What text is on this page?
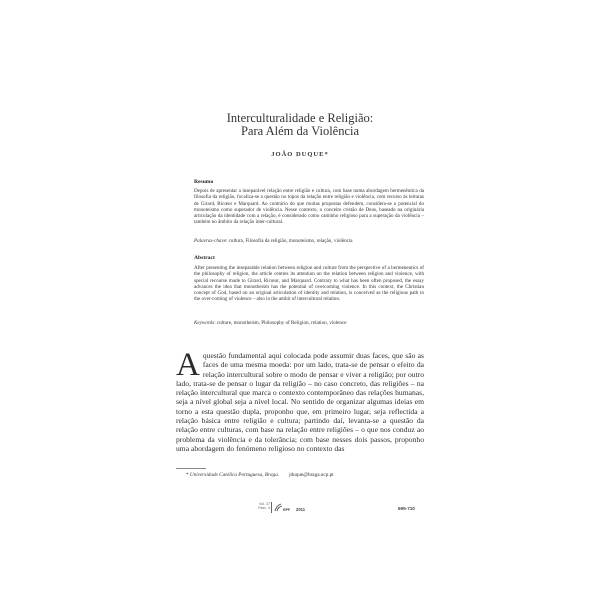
Interculturalidade e Religião:
Para Além da Violência
JOÃO DUQUE*
Resumo
Depois de apresentar a inseparável relação entre religião e cultura, com base numa abordagem hermenêutica da filosofia da religião, focaliza-se a questão no topos da relação entre religião e violência, com recurso às leituras de Girard, Ricœur e Marquard. Ao contrário do que muitas propostas defendem, considera-se o potencial do monoteísmo como superador de violência. Nesse contexto, o conceito cristão de Deus, baseado na originária articulação da identidade com a relação, é considerado como caminho religioso para a superação da violência – também no âmbito da relação inter-cultural.
Palavras-chave: cultura, Filosofia da religião, monoteísmo, relação, violência
Abstract
After presenting the inseparable relation between religion and culture from the perspective of a hermeneutics of the philosophy of religion, the article centres its attention on the relation between religion and violence, with special recourse made to Girard, Ricœur, and Marquard. Contrary to what has been often proposed, the essay advances the idea that monotheism has the potential of overcoming violence. In this context, the Christian concept of God, based on an original articulation of identity and relation, is conceived as the religious path to the over-coming of violence – also in the ambit of intercultural relation.
Keywords: culture, monotheism, Philosophy of Religion, relation, violence

Aquestão fundamental aqui colocada pode assumir duas faces, que são as faces de uma mesma moeda: por um lado, trata-se de pensar o efeito da relação intercultural sobre o modo de pensar e viver a religião; por outro lado, trata-se de pensar o lugar da religião – no caso concreto, das religiões – na relação intercultural que marca o contexto contemporâneo das relações humanas, seja a nível global seja a nível local. No sentido de organizar algumas ideias em torno a esta questão dupla, proponho que, em primeiro lugar, seja reflectida a relação básica entre religião e cultura; partindo daí, levanta-se a questão da relação entre culturas, com base na relação entre religiões – o que nos conduz ao problema da violência e da tolerância; com base nesses dois passos, proponho uma abordagem do fenómeno religioso no contexto das

* Universidade Católica Portuguesa, Braga. jduque@braga.ucp.pt
Vol. 37
Fasc. 4	RPF 2011	695-710
